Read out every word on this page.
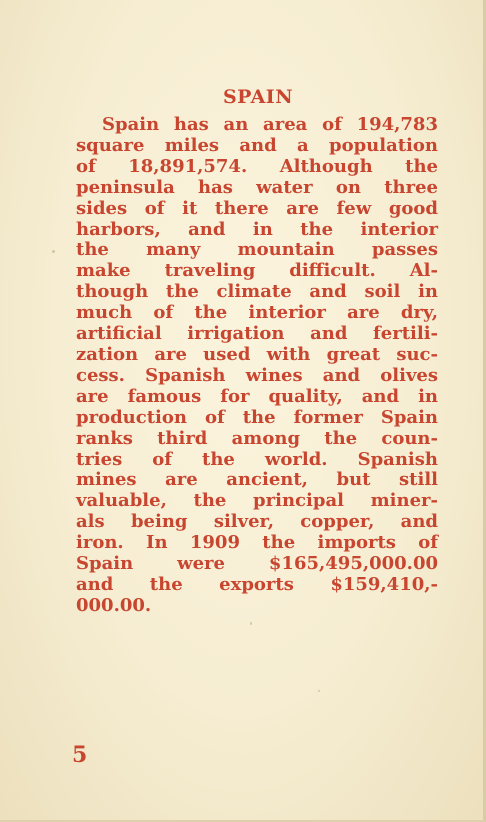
SPAIN
Spain has an area of 194,783
square miles and a population
of 18,891,574. Although the
peninsula has water on three
sides of it there are few good
harbors, and in the interior
the many mountain passes
make traveling difficult. Al-
though the climate and soil in
much of the interior are dry,
artificial irrigation and fertili-
zation are used with great suc-
cess. Spanish wines and olives
are famous for quality, and in
production of the former Spain
ranks third among the coun-
tries of the world. Spanish
mines are ancient, but still
valuable, the principal miner-
als being silver, copper, and
iron. In 1909 the imports of
Spain were $165,495,000.00
and the exports $159,410,-
000.00.

5
